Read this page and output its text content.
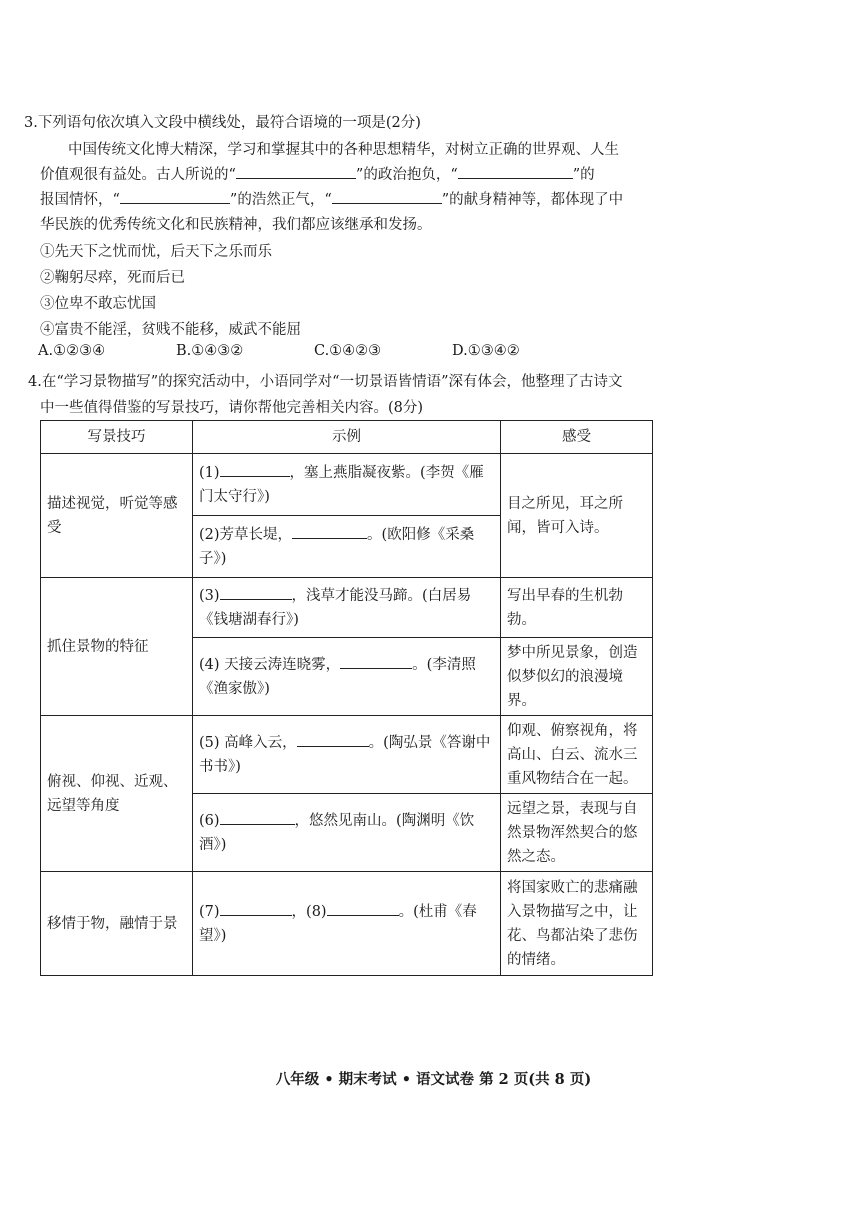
3.下列语句依次填入文段中横线处，最符合语境的一项是(2分)
中国传统文化博大精深，学习和掌握其中的各种思想精华，对树立正确的世界观、人生
价值观很有益处。古人所说的“	”的政治抱负，“	”的
报国情怀，“	”的浩然正气，“	”的献身精神等，都体现了中
华民族的优秀传统文化和民族精神，我们都应该继承和发扬。
①先天下之忧而忧，后天下之乐而乐
②鞠躬尽瘁，死而后已
③位卑不敢忘忧国
④富贵不能淫，贫贱不能移，威武不能屈
A.①②③④	B.①④③②	C.①④②③	D.①③④②
4.在“学习景物描写”的探究活动中，小语同学对“一切景语皆情语”深有体会，他整理了古诗文
中一些值得借鉴的写景技巧，请你帮他完善相关内容。(8分)
写景技巧	示例	感受
描述视觉，听觉等感受	(1) ，塞上燕脂凝夜紫。(李贺《雁门太守行》)	目之所见，耳之所闻，皆可入诗。
	(2)芳草长堤， 。(欧阳修《采桑子》)	
抓住景物的特征	(3) ，浅草才能没马蹄。(白居易《钱塘湖春行》)	写出早春的生机勃勃。
	(4) 天接云涛连晓雾， 。(李清照《渔家傲》)	梦中所见景象，创造似梦似幻的浪漫境界。
俯视、仰视、近观、远望等角度	(5) 高峰入云， 。(陶弘景《答谢中书书》)	仰观、俯察视角，将高山、白云、流水三重风物结合在一起。
	(6) ，悠然见南山。(陶渊明《饮酒》)	远望之景，表现与自然景物浑然契合的悠然之态。
移情于物，融情于景	(7) ，(8) 。(杜甫《春望》)	将国家败亡的悲痛融入景物描写之中，让花、鸟都沾染了悲伤的情绪。
八年级 • 期末考试 • 语文试卷 第 2 页(共 8 页)
